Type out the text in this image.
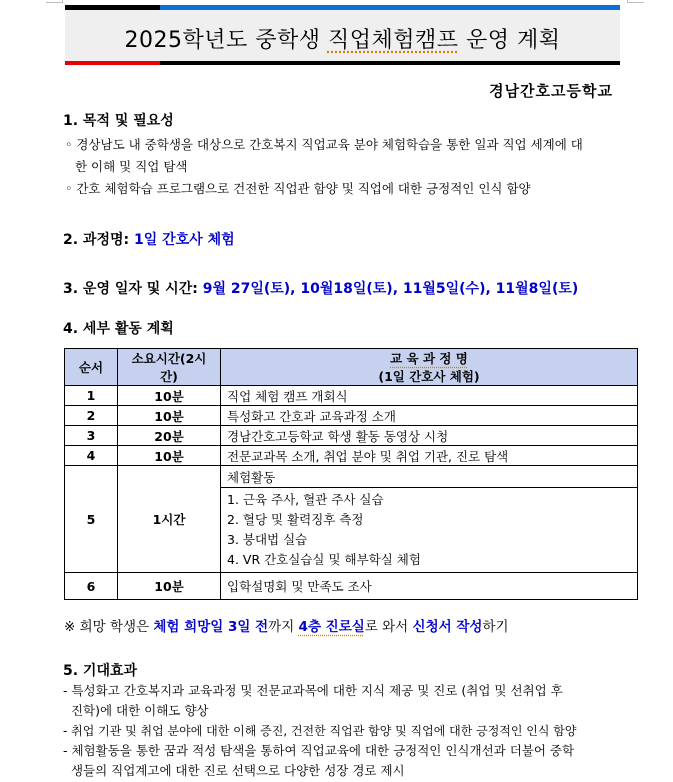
2025학년도 중학생 직업체험캠프 운영 계획
경남간호고등학교
1. 목적 및 필요성
◦ 경상남도 내 중학생을 대상으로 간호복지 직업교육 분야 체험학습을 통한 일과 직업 세계에 대
한 이해 및 직업 탐색
◦ 간호 체험학습 프로그램으로 건전한 직업관 함양 및 직업에 대한 긍정적인 인식 함양
2. 과정명: 1일 간호사 체험
3. 운영 일자 및 시간: 9월 27일(토), 10월18일(토), 11월5일(수), 11월8일(토)
4. 세부 활동 계획
순서	소요시간(2시간)	교 육 과 정 명
(1일 간호사 체험)

1	10분	직업 체험 캠프 개회식
2	10분	특성화고 간호과 교육과정 소개
3	20분	경남간호고등학교 학생 활동 동영상 시청
4	10분	전문교과목 소개, 취업 분야 및 취업 기관, 진로 탐색
5	1시간	체험활동

		1. 근육 주사, 혈관 주사 실습
2. 혈당 및 활력징후 측정
3. 붕대법 실습
4. VR 간호실습실 및 해부학실 체험

6	10분	입학설명회 및 만족도 조사
※ 희망 학생은 체험 희망일 3일 전까지 4층 진로실로 와서 신청서 작성하기
5. 기대효과
- 특성화고 간호복지과 교육과정 및 전문교과목에 대한 지식 제공 및 진로 (취업 및 선취업 후
진학)에 대한 이해도 향상
- 취업 기관 및 취업 분야에 대한 이해 증진, 건전한 직업관 함양 및 직업에 대한 긍정적인 인식 함양
- 체험활동을 통한 꿈과 적성 탐색을 통하여 직업교육에 대한 긍정적인 인식개선과 더불어 중학
생들의 직업계고에 대한 진로 선택으로 다양한 성장 경로 제시
